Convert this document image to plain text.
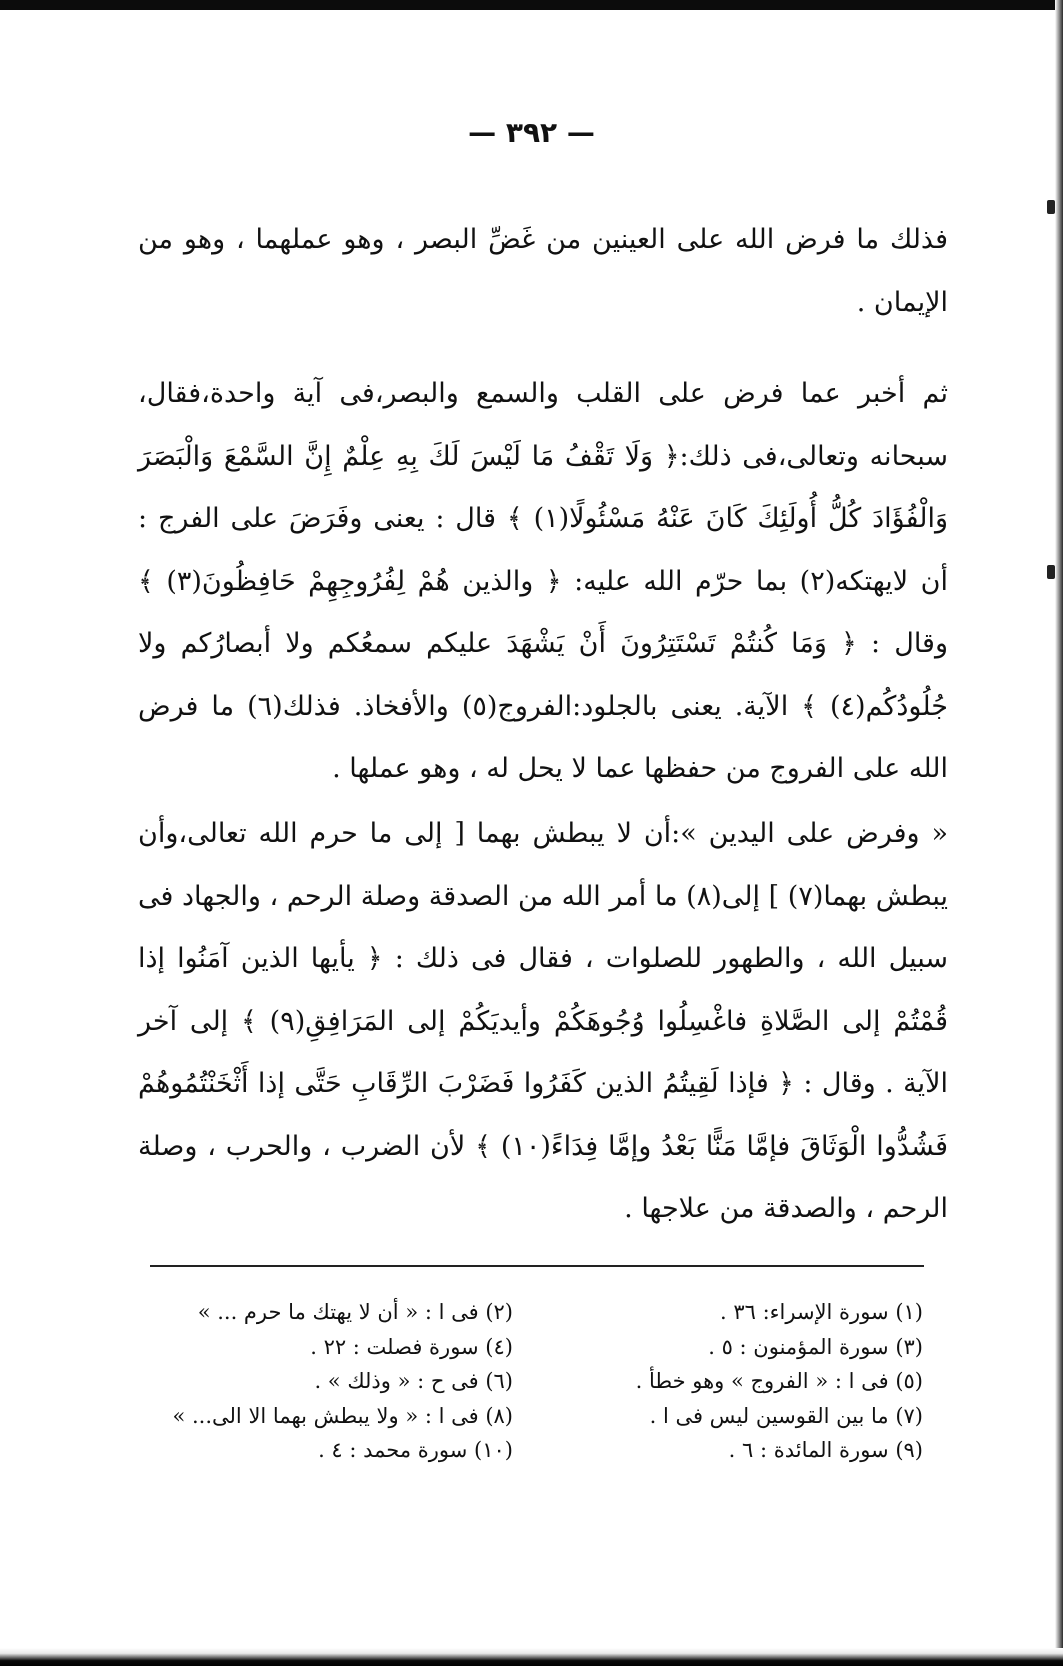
— ٣٩٢ —

فذلك ما فرض الله على العينين من غَضِّ البصر ، وهو عملهما ، وهو من الإيمان .

ثم أخبر عما فرض على القلب والسمع والبصر،فى آية واحدة،فقال، سبحانه وتعالى،فى ذلك:﴿ وَلَا تَقْفُ مَا لَيْسَ لَكَ بِهِ عِلْمٌ إِنَّ السَّمْعَ وَالْبَصَرَ وَالْفُؤَادَ كُلُّ أُولَئِكَ كَانَ عَنْهُ مَسْئُولًا(١) ﴾ قال : يعنى وفَرَضَ على الفرج : أن لايهتكه(٢) بما حرّم الله عليه: ﴿ والذين هُمْ لِفُرُوجِهِمْ حَافِظُونَ(٣) ﴾ وقال : ﴿ وَمَا كُنتُمْ تَسْتَتِرُونَ أَنْ يَشْهَدَ عليكم سمعُكم ولا أبصارُكم ولا جُلُودُكُم(٤) ﴾ الآية. يعنى بالجلود:الفروج(٥) والأفخاذ. فذلك(٦) ما فرض الله على الفروج من حفظها عما لا يحل له ، وهو عملها .

« وفرض على اليدين »:أن لا يبطش بهما [ إلى ما حرم الله تعالى،وأن يبطش بهما(٧) ] إلى(٨) ما أمر الله من الصدقة وصلة الرحم ، والجهاد فى سبيل الله ، والطهور للصلوات ، فقال فى ذلك : ﴿ يأيها الذين آمَنُوا إذا قُمْتُمْ إلى الصَّلاةِ فاغْسِلُوا وُجُوهَكُمْ وأيديَكُمْ إلى المَرَافِقِ(٩) ﴾ إلى آخر الآية . وقال : ﴿ فإذا لَقِيتُمُ الذين كَفَرُوا فَضَرْبَ الرِّقَابِ حَتَّى إذا أَثْخَنْتُمُوهُمْ فَشُدُّوا الْوَثَاقَ فإمَّا مَنًّا بَعْدُ وإمَّا فِدَاءً(١٠) ﴾ لأن الضرب ، والحرب ، وصلة الرحم ، والصدقة من علاجها .

(١) سورة الإسراء: ٣٦ .
(٢) فى ا : « أن لا يهتك ما حرم ... »
(٣) سورة المؤمنون : ٥ .
(٤) سورة فصلت : ٢٢ .
(٥) فى ا : « الفروج » وهو خطأ .
(٦) فى ح : « وذلك » .
(٧) ما بين القوسين ليس فى ا .
(٨) فى ا : « ولا يبطش بهما الا الى... »
(٩) سورة المائدة : ٦ .
(١٠) سورة محمد : ٤ .
